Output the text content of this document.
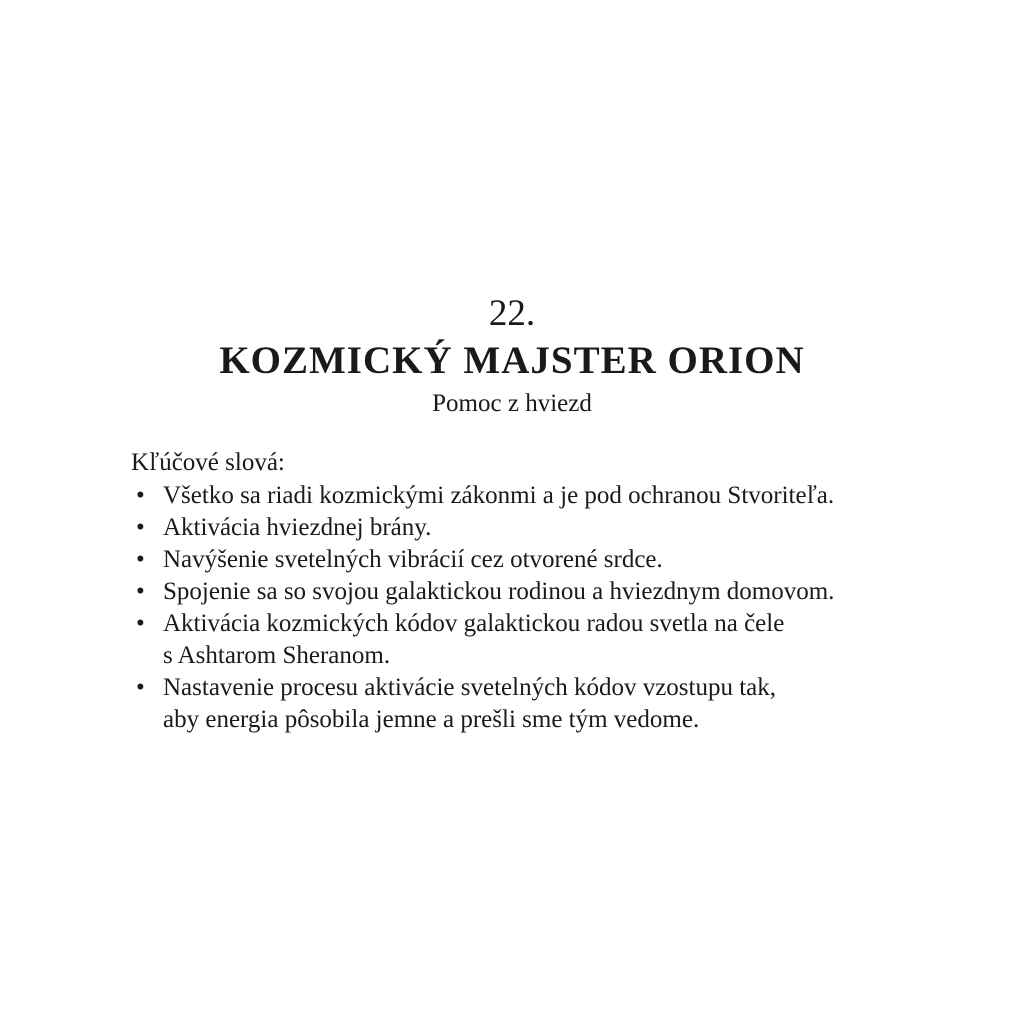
22.
KOZMICKÝ MAJSTER ORION
Pomoc z hviezd
Kľúčové slová:
• Všetko sa riadi kozmickými zákonmi a je pod ochranou Stvoriteľa.
• Aktivácia hviezdnej brány.
• Navýšenie svetelných vibrácií cez otvorené srdce.
• Spojenie sa so svojou galaktickou rodinou a hviezdnym domovom.
• Aktivácia kozmických kódov galaktickou radou svetla na čele
s Ashtarom Sheranom.
• Nastavenie procesu aktivácie svetelných kódov vzostupu tak,
aby energia pôsobila jemne a prešli sme tým vedome.
